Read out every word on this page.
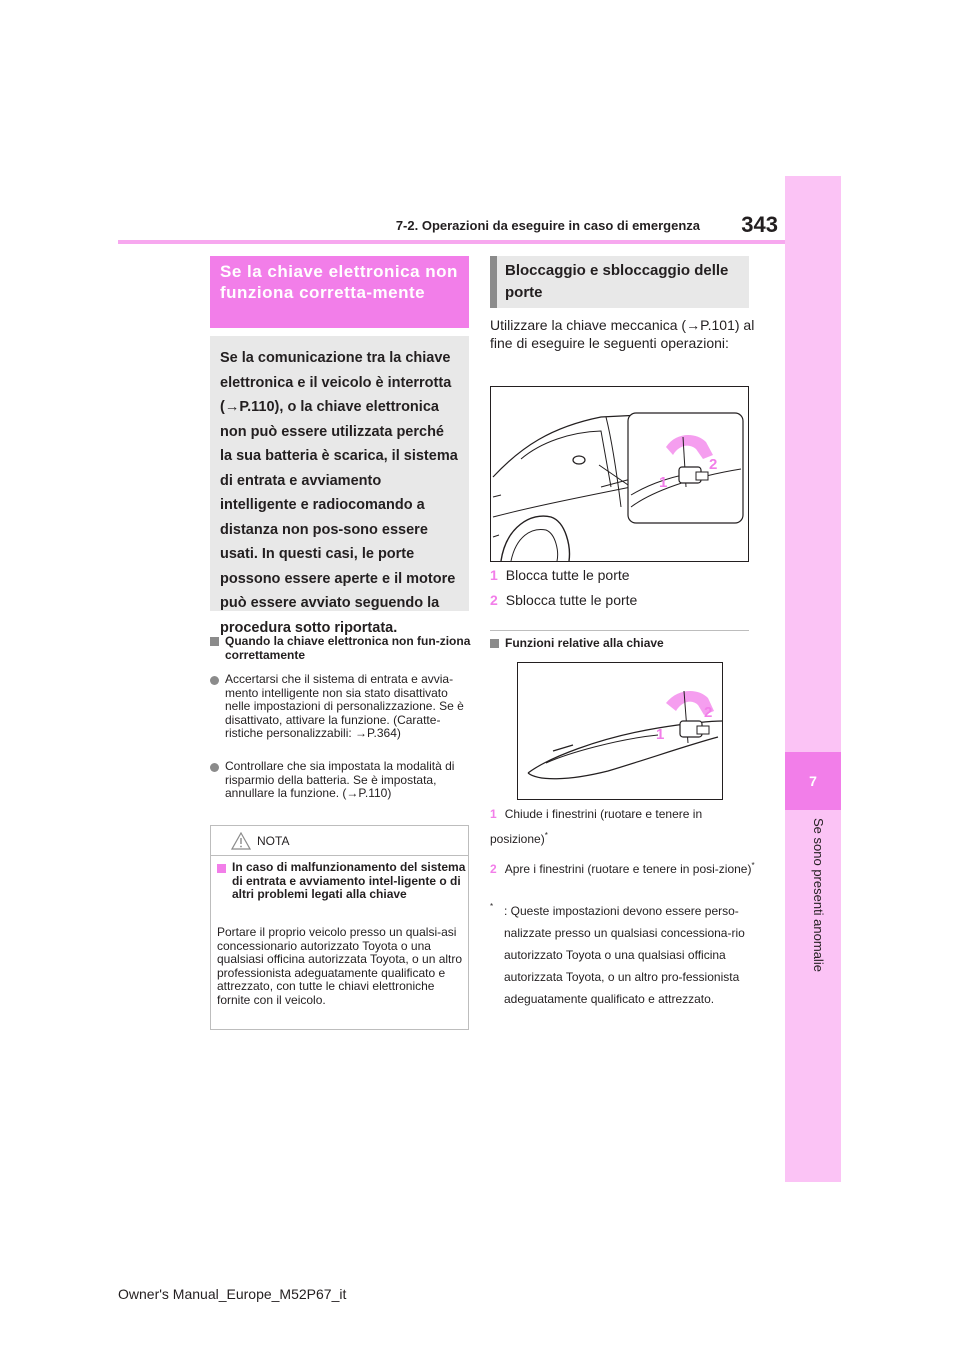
7
Se sono presenti anomalie
7-2. Operazioni da eseguire in caso di emergenza	343
Se la chiave elettronica non funziona corretta-mente
Se la comunicazione tra la chiave elettronica e il veicolo è interrotta (→P.110), o la chiave elettronica non può essere utilizzata perché la sua batteria è scarica, il sistema di entrata e avviamento intelligente e radiocomando a distanza non pos-sono essere usati. In questi casi, le porte possono essere aperte e il motore può essere avviato seguendo la procedura sotto riportata.
Quando la chiave elettronica non fun-ziona correttamente
Accertarsi che il sistema di entrata e avvia-mento intelligente non sia stato disattivato nelle impostazioni di personalizzazione. Se è disattivato, attivare la funzione. (Caratte-ristiche personalizzabili: →P.364)
Controllare che sia impostata la modalità di risparmio della batteria. Se è impostata, annullare la funzione. (→P.110)
NOTA
In caso di malfunzionamento del sistema di entrata e avviamento intel-ligente o di altri problemi legati alla chiave
Portare il proprio veicolo presso un qualsi-asi concessionario autorizzato Toyota o una qualsiasi officina autorizzata Toyota, o un altro professionista adeguatamente qualificato e attrezzato, con tutte le chiavi elettroniche fornite con il veicolo.
Bloccaggio e sbloccaggio delle porte
Utilizzare la chiave meccanica (→P.101) al fine di eseguire le seguenti operazioni:
2
1
1 Blocca tutte le porte
2 Sblocca tutte le porte
Funzioni relative alla chiave
2
1
1 Chiude i finestrini (ruotare e tenere in posizione)*
2 Apre i finestrini (ruotare e tenere in posi-zione)*
* : Queste impostazioni devono essere perso-nalizzate presso un qualsiasi concessiona-rio autorizzato Toyota o una qualsiasi officina autorizzata Toyota, o un altro pro-fessionista adeguatamente qualificato e attrezzato.
Owner's Manual_Europe_M52P67_it
